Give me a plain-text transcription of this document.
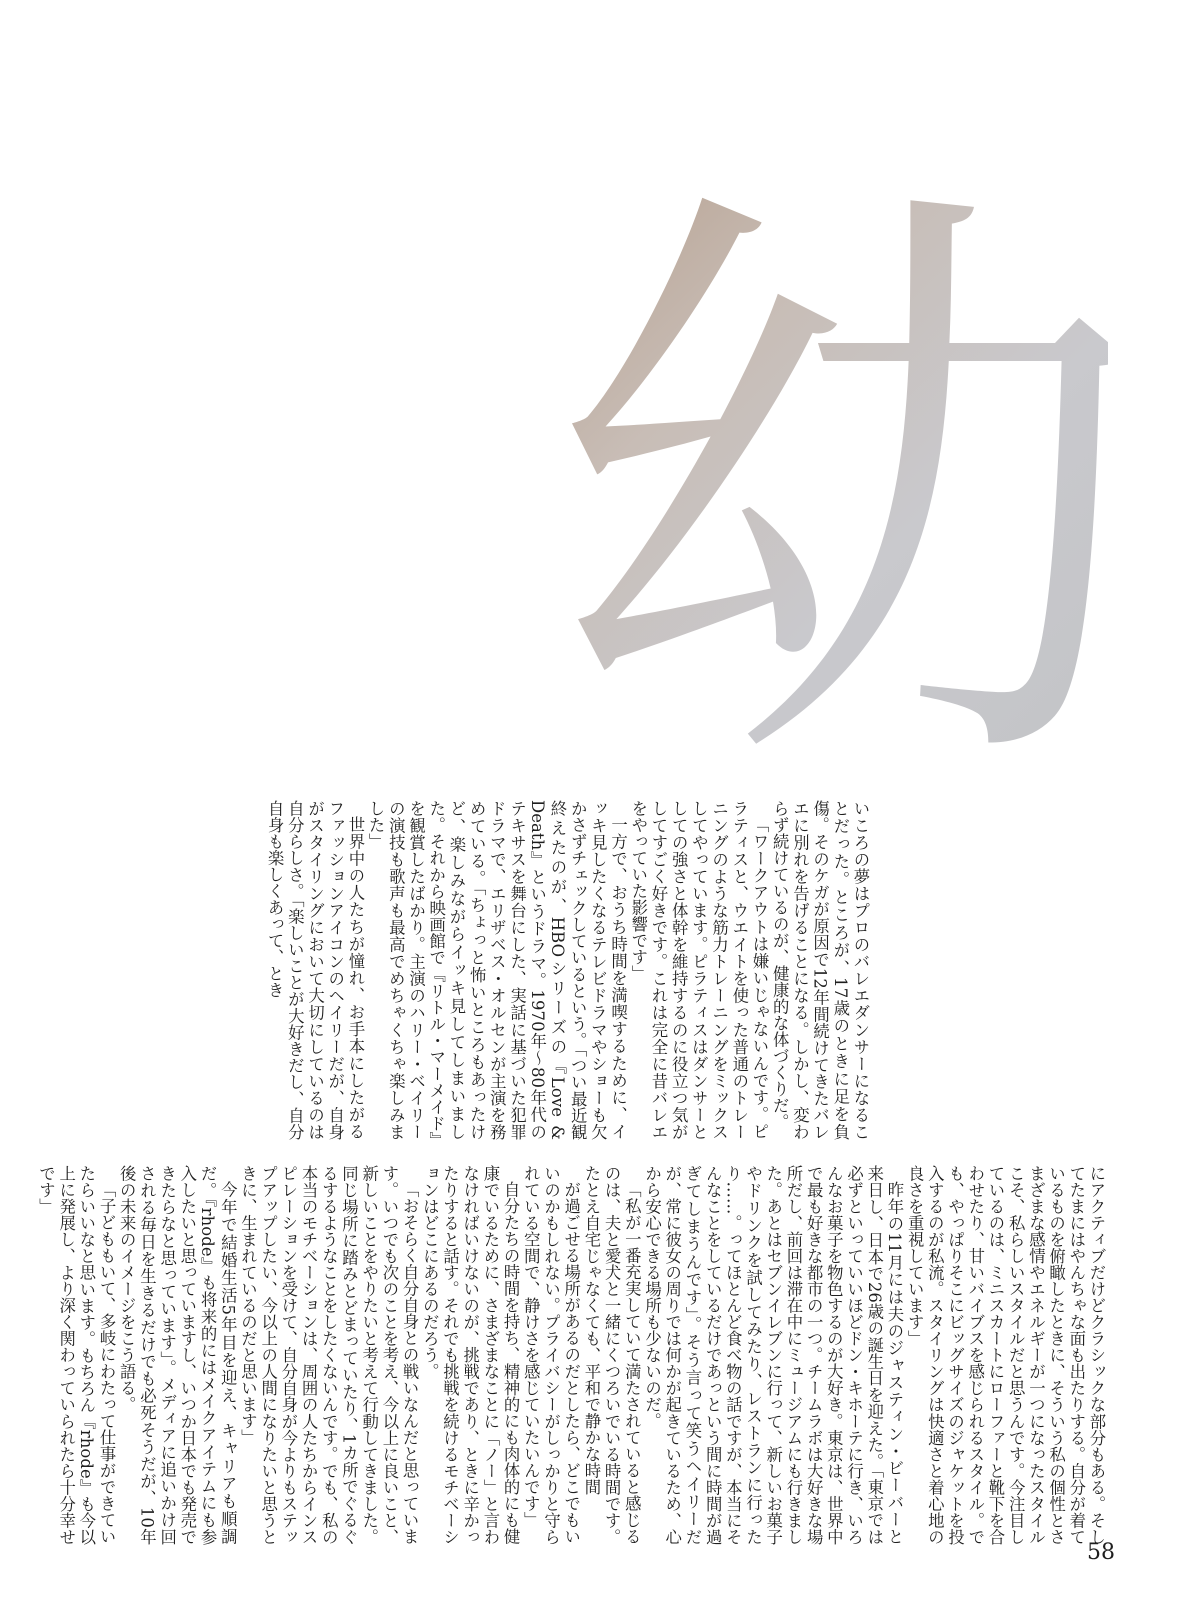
幼

いころの夢はプロのバレエダンサーになることだった。ところが、17歳のときに足を負傷。そのケガが原因で12年間続けてきたバレエに別れを告げることになる。しかし、変わらず続けているのが、健康的な体づくりだ。

「ワークアウトは嫌いじゃないんです。ピラティスと、ウエイトを使った普通のトレーニングのような筋力トレーニングをミックスしてやっています。ピラティスはダンサーとしての強さと体幹を維持するのに役立つ気がしてすごく好きです。これは完全に昔バレエをやっていた影響です」

一方で、おうち時間を満喫するために、イッキ見したくなるテレビドラマやショーも欠かさずチェックしているという。「つい最近観終えたのが、HBOシリーズの『Love & Death』というドラマ。1970年〜80年代のテキサスを舞台にした、実話に基づいた犯罪ドラマで、エリザベス・オルセンが主演を務めている。「ちょっと怖いところもあったけど、楽しみながらイッキ見してしまいました。それから映画館で『リトル・マーメイド』を観賞したばかり。主演のハリー・ベイリーの演技も歌声も最高でめちゃくちゃ楽しみました」

世界中の人たちが憧れ、お手本にしたがるファッションアイコンのヘイリーだが、自身がスタイリングにおいて大切にしているのは自分らしさ。「楽しいことが大好きだし、自分自身も楽しくあって、とき

にアクティブだけどクラシックな部分もある。そしてたまにはやんちゃな面も出たりする。自分が着ているものを俯瞰したときに、そういう私の個性とさまざまな感情やエネルギーが一つになったスタイルこそ、私らしいスタイルだと思うんです。今注目しているのは、ミニスカートにローファーと靴下を合わせたり、甘いバイブスを感じられるスタイル。でも、やっぱりそこにビッグサイズのジャケットを投入するのが私流。スタイリングは快適さと着心地の良さを重視しています」

昨年の11月には夫のジャスティン・ビーバーと来日し、日本で26歳の誕生日を迎えた。「東京では必ずといっていいほどドン・キホーテに行き、いろんなお菓子を物色するのが大好き。東京は、世界中で最も好きな都市の一つ。チームラボは大好きな場所だし、前回は滞在中にミュージアムにも行きました。あとはセブンイレブンに行って、新しいお菓子やドリンクを試してみたり、レストランに行ったり……。ってほとんど食べ物の話ですが、本当にそんなことをしているだけであっという間に時間が過ぎてしまうんです」。そう言って笑うヘイリーだが、常に彼女の周りでは何かが起きているため、心から安心できる場所も少ないのだ。

「私が一番充実していて満たされていると感じるのは、夫と愛犬と一緒にくつろいでいる時間です。たとえ自宅じゃなくても、平和で静かな時間

が過ごせる場所があるのだとしたら、どこでもいいのかもしれない。プライバシーがしっかりと守られている空間で、静けさを感じていたいんです」

自分たちの時間を持ち、精神的にも肉体的にも健康でいるために、さまざまなことに「ノー」と言わなければいけないのが、挑戦であり、ときに辛かったりすると話す。それでも挑戦を続けるモチベーションはどこにあるのだろう。

「おそらく自分自身との戦いなんだと思っています。いつでも次のことを考え、今以上に良いこと、新しいことをやりたいと考えて行動してきました。同じ場所に踏みとどまっていたり、1カ所でぐるぐるするようなことをしたくないんです。でも、私の本当のモチベーションは、周囲の人たちからインスピレーションを受けて、自分自身が今よりもステップアップしたい、今以上の人間になりたいと思うときに、生まれているのだと思います」

今年で結婚生活5年目を迎え、キャリアも順調だ。『rhode』も将来的にはメイクアイテムにも参入したいと思っていますし、いつか日本でも発売できたらなと思っています」。メディアに追いかけ回される毎日を生きるだけでも必死そうだが、10年後の未来のイメージをこう語る。

「子どももいて、多岐にわたって仕事ができていたらいいなと思います。もちろん『rhode』も今以上に発展し、より深く関わっていられたら十分幸せです」

58
